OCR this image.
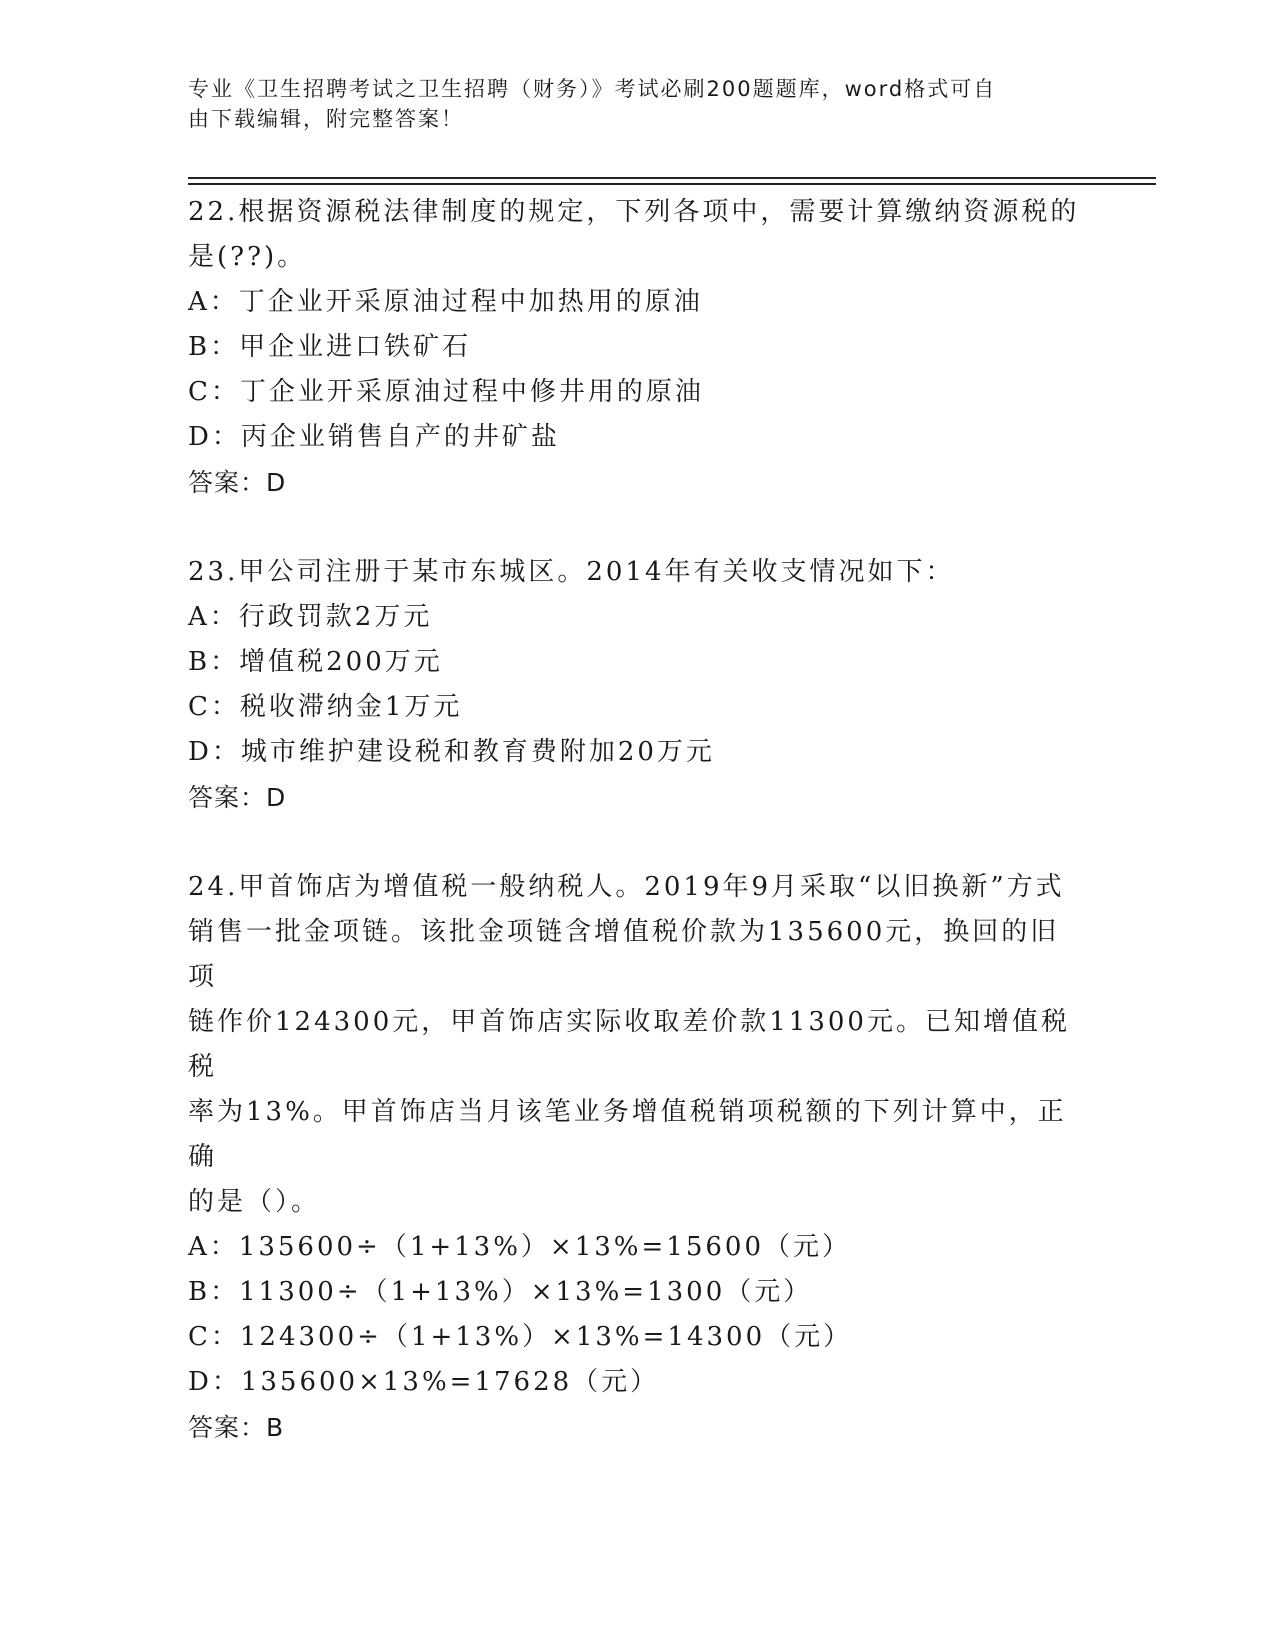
专业《卫生招聘考试之卫生招聘（财务）》考试必刷200题题库，word格式可自
由下载编辑，附完整答案！

22.根据资源税法律制度的规定，下列各项中，需要计算缴纳资源税的

是(??)。

A：丁企业开采原油过程中加热用的原油

B：甲企业进口铁矿石

C：丁企业开采原油过程中修井用的原油

D：丙企业销售自产的井矿盐

答案：D

23.甲公司注册于某市东城区。2014年有关收支情况如下：

A：行政罚款2万元

B：增值税200万元

C：税收滞纳金1万元

D：城市维护建设税和教育费附加20万元

答案：D

24.甲首饰店为增值税一般纳税人。2019年9月采取“以旧换新”方式

销售一批金项链。该批金项链含增值税价款为135600元，换回的旧项

链作价124300元，甲首饰店实际收取差价款11300元。已知增值税税

率为13%。甲首饰店当月该笔业务增值税销项税额的下列计算中，正确

的是（）。

A：135600÷（1+13%）×13%=15600（元）

B：11300÷（1+13%）×13%=1300（元）

C：124300÷（1+13%）×13%=14300（元）

D：135600×13%=17628（元）

答案：B
